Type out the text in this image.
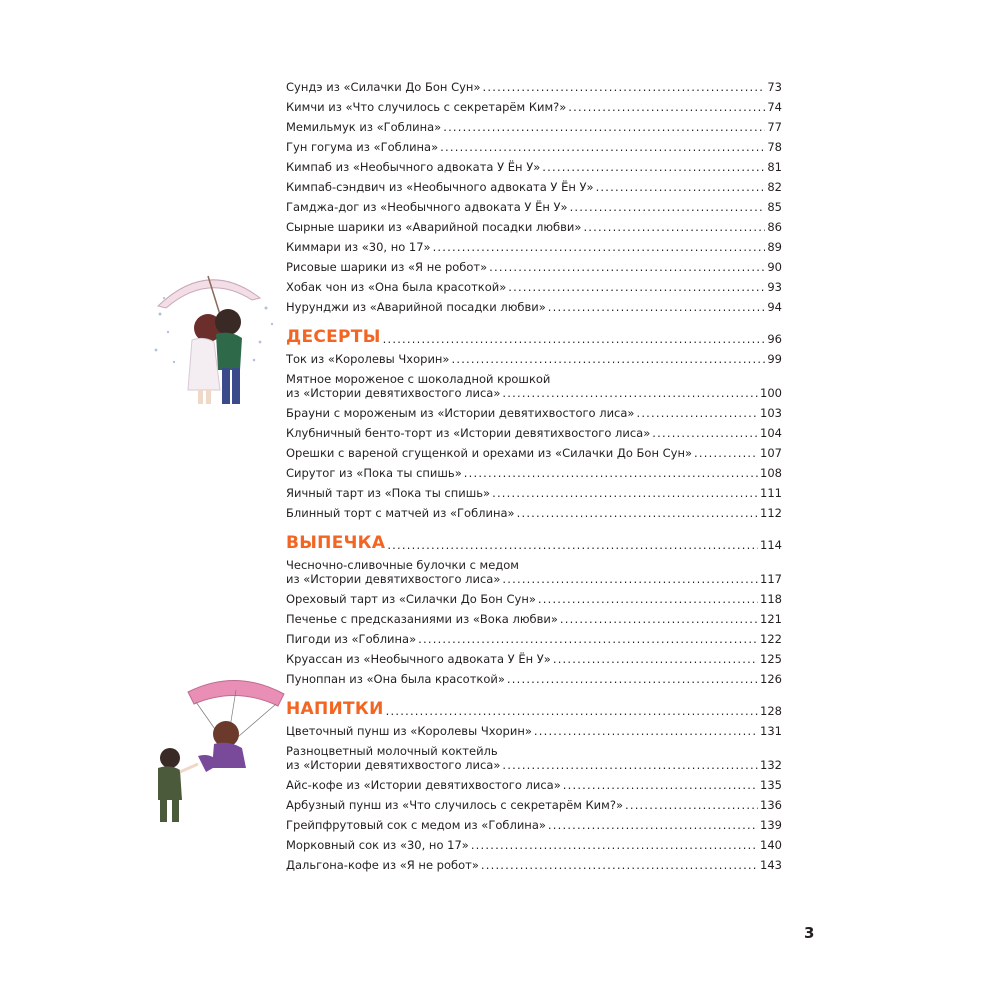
Сундэ из «Силачки До Бон Сун» .....	73
Кимчи из «Что случилось с секретарём Ким?» .....	74
Мемильмук из «Гоблина» .....	77
Гун гогума из «Гоблина» .....	78
Кимпаб из «Необычного адвоката У Ён У» .....	81
Кимпаб-сэндвич из «Необычного адвоката У Ён У» .....	82
Гамджа-дог из «Необычного адвоката У Ён У» .....	85
Сырные шарики из «Аварийной посадки любви» .....	86
Киммари из «30, но 17» .....	89
Рисовые шарики из «Я не робот» .....	90
Хобак чон из «Она была красоткой» .....	93
Нурунджи из «Аварийной посадки любви» .....	94
ДЕСЕРТЫ .....	96
Ток из «Королевы Чхорин» .....	99
Мятное мороженое с шоколадной крошкой
из «Истории девятихвостого лиса» .....	100
Брауни с мороженым из «Истории девятихвостого лиса» .....	103
Клубничный бенто-торт из «Истории девятихвостого лиса» .....	104
Орешки с вареной сгущенкой и орехами из «Силачки До Бон Сун» .....	107
Сирутог из «Пока ты спишь» .....	108
Яичный тарт из «Пока ты спишь» .....	111
Блинный торт с матчей из «Гоблина» .....	112
ВЫПЕЧКА .....	114
Чесночно-сливочные булочки с медом
из «Истории девятихвостого лиса» .....	117
Ореховый тарт из «Силачки До Бон Сун» .....	118
Печенье с предсказаниями из «Вока любви» .....	121
Пигоди из «Гоблина» .....	122
Круассан из «Необычного адвоката У Ён У» .....	125
Пуноппан из «Она была красоткой» .....	126
НАПИТКИ .....	128
Цветочный пунш из «Королевы Чхорин» .....	131
Разноцветный молочный коктейль
из «Истории девятихвостого лиса» .....	132
Айс-кофе из «Истории девятихвостого лиса» .....	135
Арбузный пунш из «Что случилось с секретарём Ким?» .....	136
Грейпфрутовый сок с медом из «Гоблина» .....	139
Морковный сок из «30, но 17» .....	140
Дальгона-кофе из «Я не робот» .....	143
3
